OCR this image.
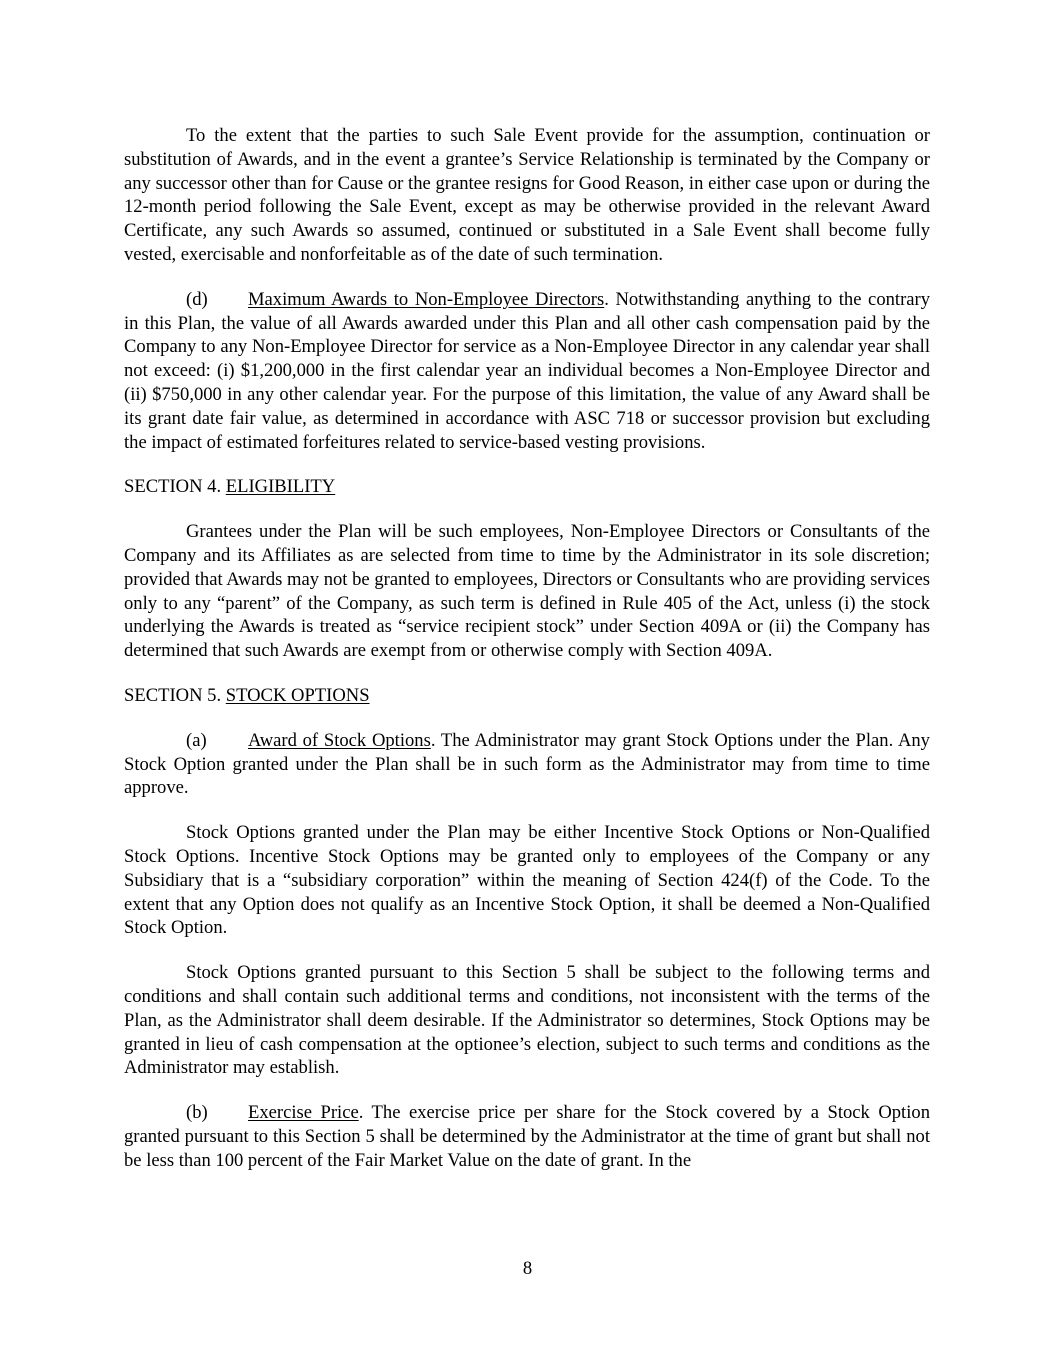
To the extent that the parties to such Sale Event provide for the assumption, continuation or substitution of Awards, and in the event a grantee’s Service Relationship is terminated by the Company or any successor other than for Cause or the grantee resigns for Good Reason, in either case upon or during the 12-month period following the Sale Event, except as may be otherwise provided in the relevant Award Certificate, any such Awards so assumed, continued or substituted in a Sale Event shall become fully vested, exercisable and nonforfeitable as of the date of such termination.

(d) Maximum Awards to Non-Employee Directors. Notwithstanding anything to the contrary in this Plan, the value of all Awards awarded under this Plan and all other cash compensation paid by the Company to any Non-Employee Director for service as a Non-Employee Director in any calendar year shall not exceed: (i) $1,200,000 in the first calendar year an individual becomes a Non-Employee Director and (ii) $750,000 in any other calendar year. For the purpose of this limitation, the value of any Award shall be its grant date fair value, as determined in accordance with ASC 718 or successor provision but excluding the impact of estimated forfeitures related to service-based vesting provisions.

SECTION 4. ELIGIBILITY

Grantees under the Plan will be such employees, Non-Employee Directors or Consultants of the Company and its Affiliates as are selected from time to time by the Administrator in its sole discretion; provided that Awards may not be granted to employees, Directors or Consultants who are providing services only to any “parent” of the Company, as such term is defined in Rule 405 of the Act, unless (i) the stock underlying the Awards is treated as “service recipient stock” under Section 409A or (ii) the Company has determined that such Awards are exempt from or otherwise comply with Section 409A.

SECTION 5. STOCK OPTIONS

(a) Award of Stock Options. The Administrator may grant Stock Options under the Plan. Any Stock Option granted under the Plan shall be in such form as the Administrator may from time to time approve.

Stock Options granted under the Plan may be either Incentive Stock Options or Non-Qualified Stock Options. Incentive Stock Options may be granted only to employees of the Company or any Subsidiary that is a “subsidiary corporation” within the meaning of Section 424(f) of the Code. To the extent that any Option does not qualify as an Incentive Stock Option, it shall be deemed a Non-Qualified Stock Option.

Stock Options granted pursuant to this Section 5 shall be subject to the following terms and conditions and shall contain such additional terms and conditions, not inconsistent with the terms of the Plan, as the Administrator shall deem desirable. If the Administrator so determines, Stock Options may be granted in lieu of cash compensation at the optionee’s election, subject to such terms and conditions as the Administrator may establish.

(b) Exercise Price. The exercise price per share for the Stock covered by a Stock Option granted pursuant to this Section 5 shall be determined by the Administrator at the time of grant but shall not be less than 100 percent of the Fair Market Value on the date of grant. In the

8
